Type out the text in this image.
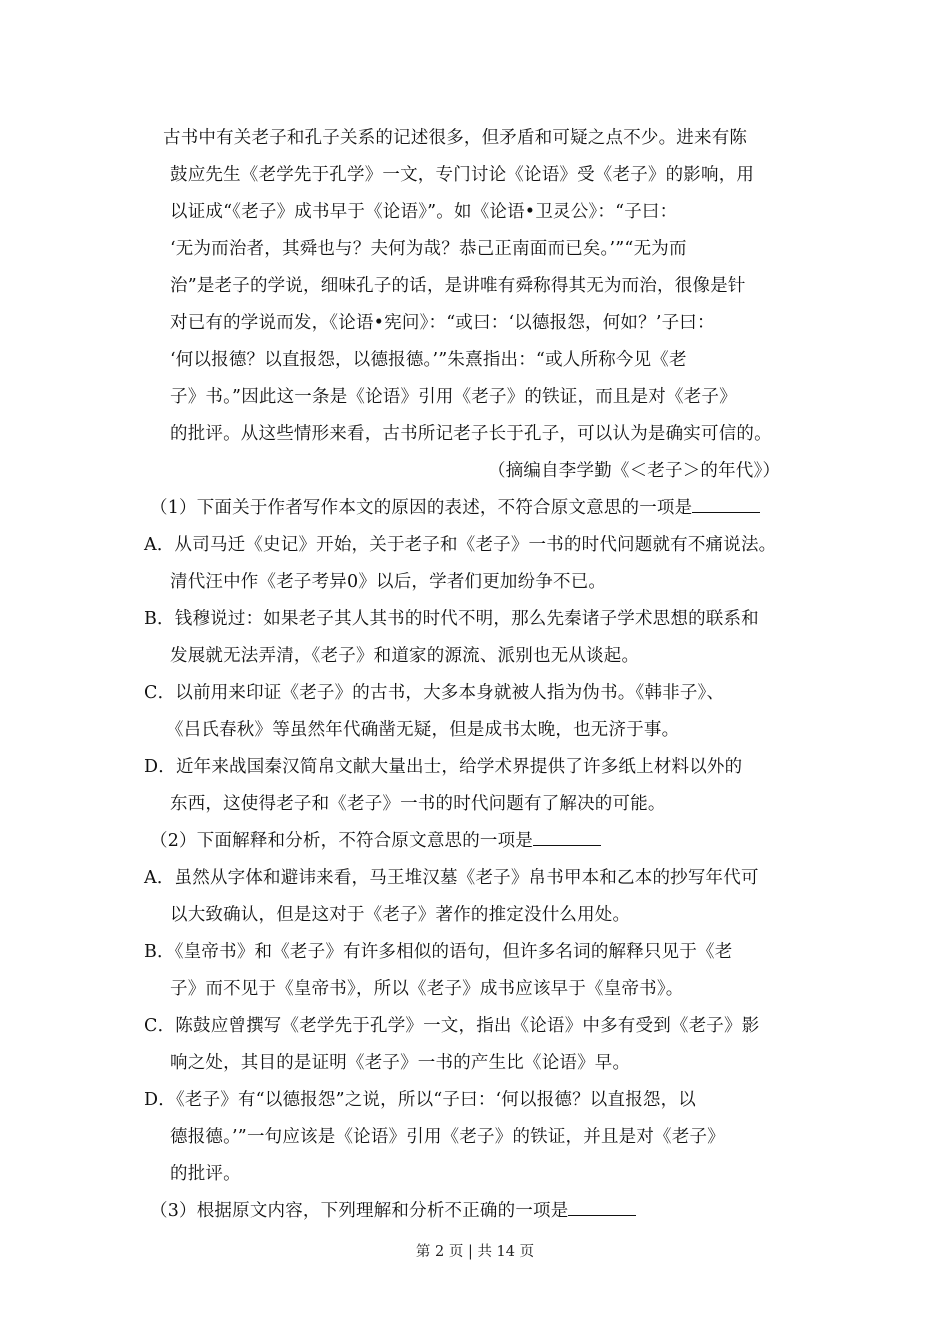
古书中有关老子和孔子关系的记述很多，但矛盾和可疑之点不少。进来有陈
鼓应先生《老学先于孔学》一文，专门讨论《论语》受《老子》的影响，用
以证成“《老子》成书早于《论语》”。如《论语•卫灵公》：“子曰：
‘无为而治者，其舜也与？夫何为哉？恭己正南面而已矣。’”“无为而
治”是老子的学说，细味孔子的话，是讲唯有舜称得其无为而治，很像是针
对已有的学说而发，《论语•宪问》：“或曰：‘以德报怨，何如？’子曰：
‘何以报德？以直报怨，以德报德。’”朱熹指出：“或人所称今见《老
子》书。”因此这一条是《论语》引用《老子》的铁证，而且是对《老子》
的批评。从这些情形来看，古书所记老子长于孔子，可以认为是确实可信的。
（摘编自李学勤《＜老子＞的年代》）
（1）下面关于作者写作本文的原因的表述，不符合原文意思的一项是
A．从司马迁《史记》开始，关于老子和《老子》一书的时代问题就有不痛说法。
清代汪中作《老子考异0》以后，学者们更加纷争不已。
B．钱穆说过：如果老子其人其书的时代不明，那么先秦诸子学术思想的联系和
发展就无法弄清，《老子》和道家的源流、派别也无从谈起。
C．以前用来印证《老子》的古书，大多本身就被人指为伪书。《韩非子》、
《吕氏春秋》等虽然年代确凿无疑，但是成书太晚，也无济于事。
D．近年来战国秦汉简帛文献大量出士，给学术界提供了许多纸上材料以外的
东西，这使得老子和《老子》一书的时代问题有了解决的可能。
（2）下面解释和分析，不符合原文意思的一项是
A．虽然从字体和避讳来看，马王堆汉墓《老子》帛书甲本和乙本的抄写年代可
以大致确认，但是这对于《老子》著作的推定没什么用处。
B．《皇帝书》和《老子》有许多相似的语句，但许多名词的解释只见于《老
子》而不见于《皇帝书》，所以《老子》成书应该早于《皇帝书》。
C．陈鼓应曾撰写《老学先于孔学》一文，指出《论语》中多有受到《老子》影
响之处，其目的是证明《老子》一书的产生比《论语》早。
D．《老子》有“以德报怨”之说，所以“子曰：‘何以报德？以直报怨，以
德报德。’”一句应该是《论语》引用《老子》的铁证，并且是对《老子》
的批评。
（3）根据原文内容，下列理解和分析不正确的一项是
第 2 页 | 共 14 页
